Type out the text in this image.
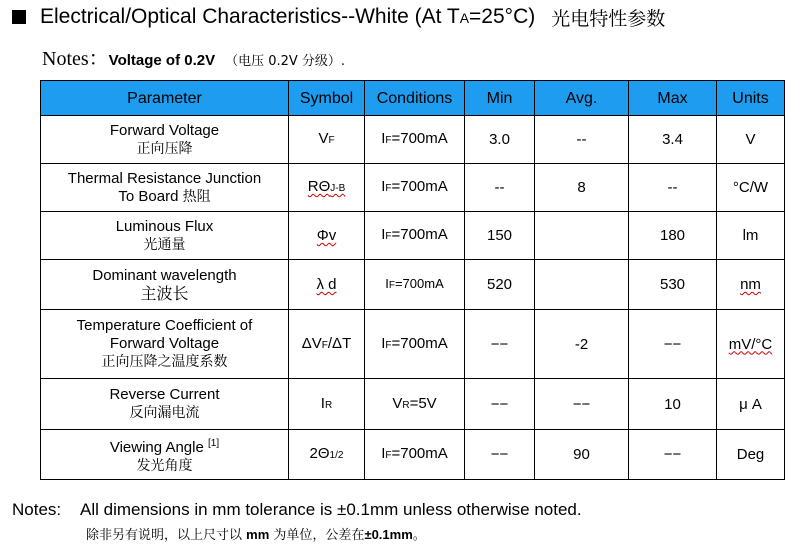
Electrical/Optical Characteristics--White (At TA=25°C) 光电特性参数
Notes： Voltage of 0.2V （电压 0.2V 分级）.
Parameter	Symbol	Conditions	Min	Avg.	Max	Units

Forward Voltage
正向压降	VF	IF=700mA	3.0	--	3.4	V

Thermal Resistance Junction
To Board 热阻	RΘJ-B	IF=700mA	--	8	--	°C/W

Luminous Flux
光通量	Φv	IF=700mA	150		180	lm

Dominant wavelength
主波长	λ d	IF=700mA	520		530	nm

Temperature Coefficient of
Forward Voltage
正向压降之温度系数	ΔVF/ΔT	IF=700mA	−−	-2	−−	mV/°C

Reverse Current
反向漏电流	IR	VR=5V	−−	−−	10	μ A

Viewing Angle [1]
发光角度	2Θ1/2	IF=700mA	−−	90	−−	Deg
Notes: All dimensions in mm tolerance is ±0.1mm unless otherwise noted.
除非另有说明，以上尺寸以 mm 为单位，公差在±0.1mm。
